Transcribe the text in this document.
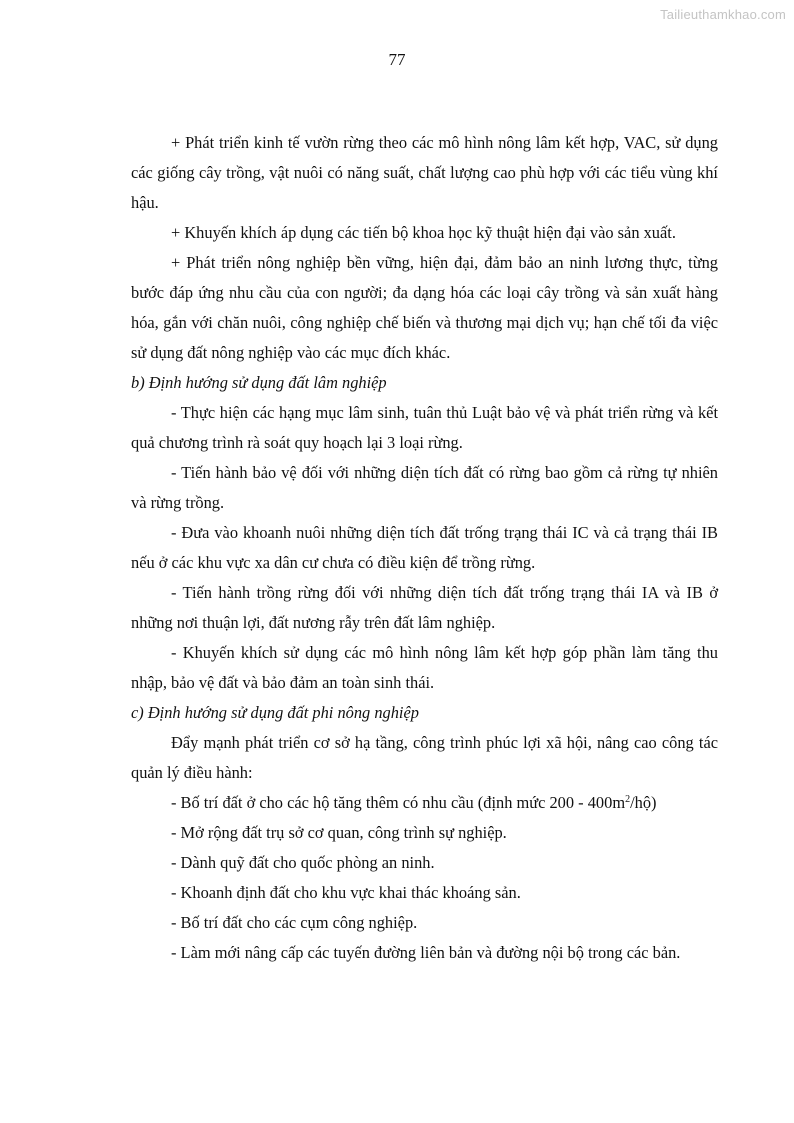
Tailieuthamkhao.com
77

+ Phát triển kinh tế vườn rừng theo các mô hình nông lâm kết hợp, VAC, sử dụng các giống cây trồng, vật nuôi có năng suất, chất lượng cao phù hợp với các tiểu vùng khí hậu.

+ Khuyến khích áp dụng các tiến bộ khoa học kỹ thuật hiện đại vào sản xuất.

+ Phát triển nông nghiệp bền vững, hiện đại, đảm bảo an ninh lương thực, từng bước đáp ứng nhu cầu của con người; đa dạng hóa các loại cây trồng và sản xuất hàng hóa, gắn với chăn nuôi, công nghiệp chế biến và thương mại dịch vụ; hạn chế tối đa việc sử dụng đất nông nghiệp vào các mục đích khác.

b) Định hướng sử dụng đất lâm nghiệp

- Thực hiện các hạng mục lâm sinh, tuân thủ Luật bảo vệ và phát triển rừng và kết quả chương trình rà soát quy hoạch lại 3 loại rừng.

- Tiến hành bảo vệ đối với những diện tích đất có rừng bao gồm cả rừng tự nhiên và rừng trồng.

- Đưa vào khoanh nuôi những diện tích đất trống trạng thái IC và cả trạng thái IB nếu ở các khu vực xa dân cư chưa có điều kiện để trồng rừng.

- Tiến hành trồng rừng đối với những diện tích đất trống trạng thái IA và IB ở những nơi thuận lợi, đất nương rẫy trên đất lâm nghiệp.

- Khuyến khích sử dụng các mô hình nông lâm kết hợp góp phần làm tăng thu nhập, bảo vệ đất và bảo đảm an toàn sinh thái.

c) Định hướng sử dụng đất phi nông nghiệp

Đẩy mạnh phát triển cơ sở hạ tầng, công trình phúc lợi xã hội, nâng cao công tác quản lý điều hành:

- Bố trí đất ở cho các hộ tăng thêm có nhu cầu (định mức $200 - 400m^2/hộ$)

- Mở rộng đất trụ sở cơ quan, công trình sự nghiệp.

- Dành quỹ đất cho quốc phòng an ninh.

- Khoanh định đất cho khu vực khai thác khoáng sản.

- Bố trí đất cho các cụm công nghiệp.

- Làm mới nâng cấp các tuyến đường liên bản và đường nội bộ trong các bản.
